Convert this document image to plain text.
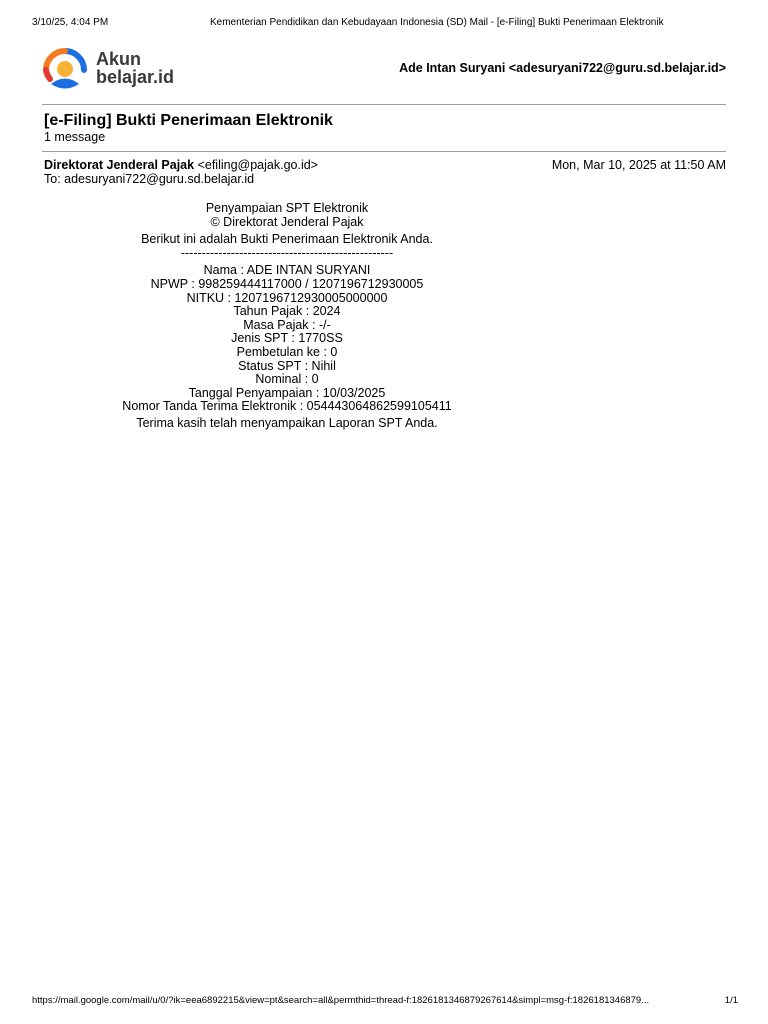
3/10/25, 4:04 PM	Kementerian Pendidikan dan Kebudayaan Indonesia (SD) Mail - [e-Filing] Bukti Penerimaan Elektronik
Akun
belajar.id	Ade Intan Suryani <adesuryani722@guru.sd.belajar.id>
[e-Filing] Bukti Penerimaan Elektronik
1 message
Direktorat Jenderal Pajak <efiling@pajak.go.id>	Mon, Mar 10, 2025 at 11:50 AM
To: adesuryani722@guru.sd.belajar.id
Penyampaian SPT Elektronik
© Direktorat Jenderal Pajak
Berikut ini adalah Bukti Penerimaan Elektronik Anda.
---------------------------------------------------
Nama : ADE INTAN SURYANI
NPWP : 998259444117000 / 1207196712930005
NITKU : 1207196712930005000000
Tahun Pajak : 2024
Masa Pajak : -/-
Jenis SPT : 1770SS
Pembetulan ke : 0
Status SPT : Nihil
Nominal : 0
Tanggal Penyampaian : 10/03/2025
Nomor Tanda Terima Elektronik : 054443064862599105411
Terima kasih telah menyampaikan Laporan SPT Anda.
https://mail.google.com/mail/u/0/?ik=eea6892215&view=pt&search=all&permthid=thread-f:1826181346879267614&simpl=msg-f:1826181346879...	1/1
